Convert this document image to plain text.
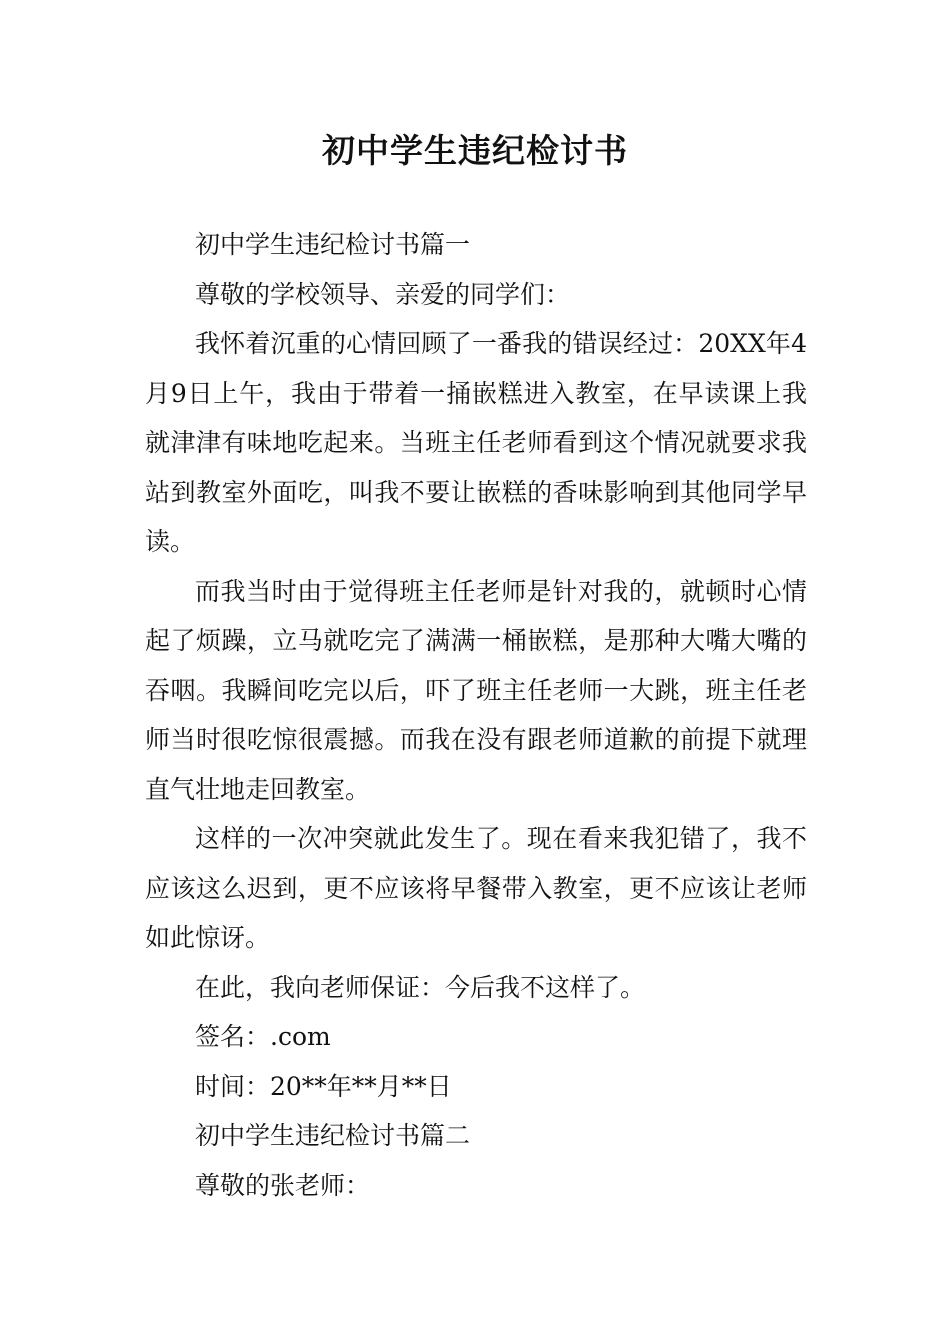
初中学生违纪检讨书

初中学生违纪检讨书篇一

尊敬的学校领导、亲爱的同学们：

我怀着沉重的心情回顾了一番我的错误经过：20XX年4月9日上午，我由于带着一捅嵌糕进入教室，在早读课上我就津津有味地吃起来。当班主任老师看到这个情况就要求我站到教室外面吃，叫我不要让嵌糕的香味影响到其他同学早读。

而我当时由于觉得班主任老师是针对我的，就顿时心情起了烦躁，立马就吃完了满满一桶嵌糕，是那种大嘴大嘴的吞咽。我瞬间吃完以后，吓了班主任老师一大跳，班主任老师当时很吃惊很震撼。而我在没有跟老师道歉的前提下就理直气壮地走回教室。

这样的一次冲突就此发生了。现在看来我犯错了，我不应该这么迟到，更不应该将早餐带入教室，更不应该让老师如此惊讶。

在此，我向老师保证：今后我不这样了。

签名：.com

时间：20**年**月**日

初中学生违纪检讨书篇二

尊敬的张老师：
